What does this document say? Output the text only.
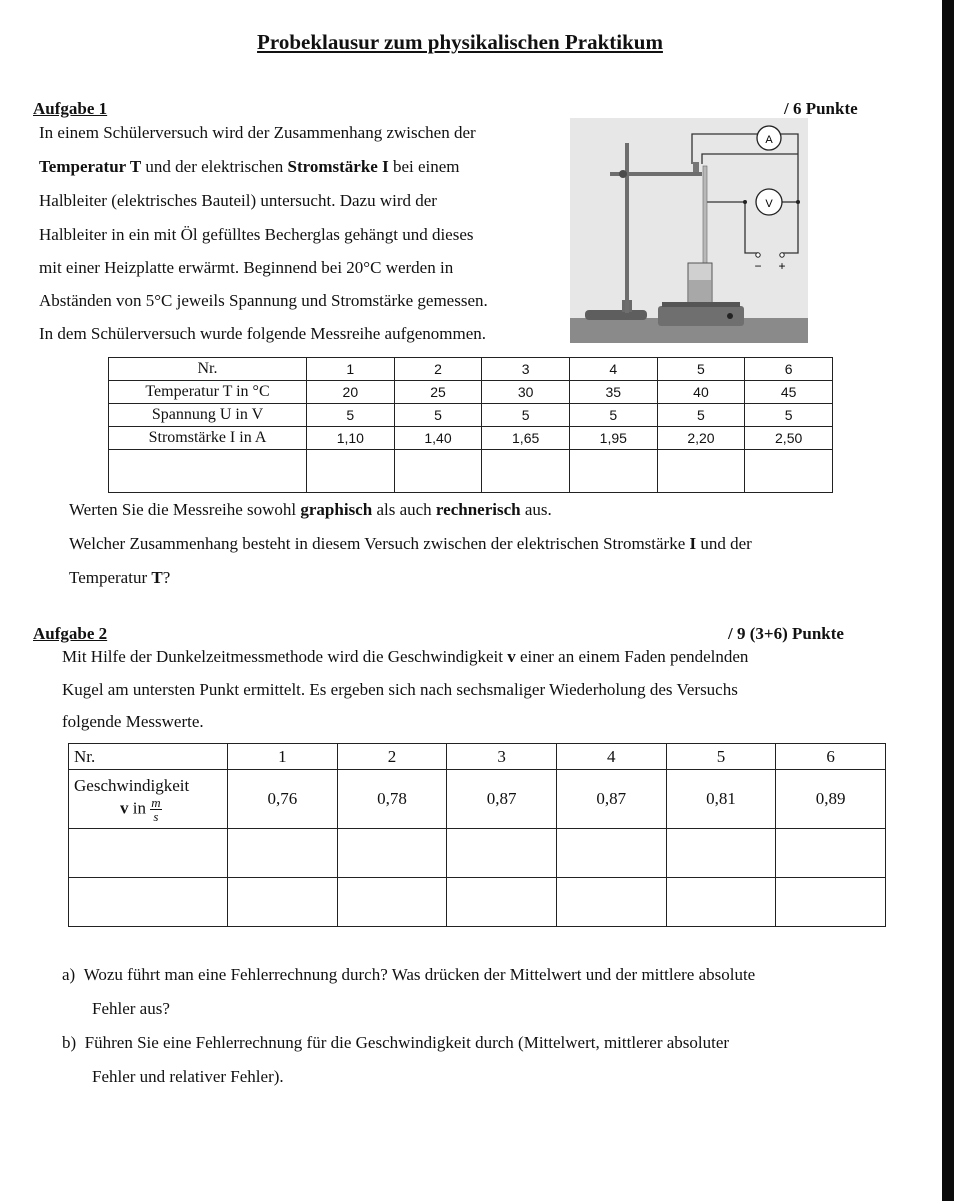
Probeklausur zum physikalischen Praktikum
Aufgabe 1	/ 6 Punkte
In einem Schülerversuch wird der Zusammenhang zwischen der
Temperatur T und der elektrischen Stromstärke I bei einem
Halbleiter (elektrisches Bauteil) untersucht. Dazu wird der
Halbleiter in ein mit Öl gefülltes Becherglas gehängt und dieses
mit einer Heizplatte erwärmt. Beginnend bei 20°C werden in
Abständen von 5°C jeweils Spannung und Stromstärke gemessen.
In dem Schülerversuch wurde folgende Messreihe aufgenommen.
A
V
− +
Nr.	1	2	3	4	5	6
Temperatur T in °C	20	25	30	35	40	45
Spannung U in V	5	5	5	5	5	5
Stromstärke I in A	1,10	1,40	1,65	1,95	2,20	2,50

Werten Sie die Messreihe sowohl graphisch als auch rechnerisch aus.
Welcher Zusammenhang besteht in diesem Versuch zwischen der elektrischen Stromstärke I und der
Temperatur T?
Aufgabe 2	/ 9 (3+6) Punkte
Mit Hilfe der Dunkelzeitmessmethode wird die Geschwindigkeit v einer an einem Faden pendelnden
Kugel am untersten Punkt ermittelt. Es ergeben sich nach sechsmaliger Wiederholung des Versuchs
folgende Messwerte.
Nr.	1	2	3	4	5	6

Geschwindigkeit
v in $\frac{m}{s}$	0,76	0,78	0,87	0,87	0,81	0,89

a)  Wozu führt man eine Fehlerrechnung durch? Was drücken der Mittelwert und der mittlere absolute
Fehler aus?
b)  Führen Sie eine Fehlerrechnung für die Geschwindigkeit durch (Mittelwert, mittlerer absoluter
Fehler und relativer Fehler).
